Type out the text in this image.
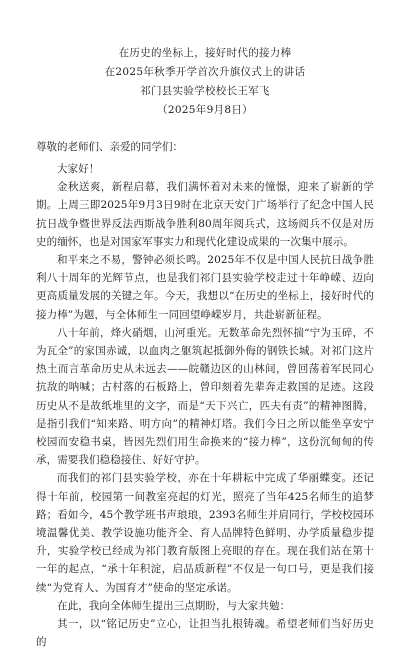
在历史的坐标上，接好时代的接力棒
在2025年秋季开学首次升旗仪式上的讲话
祁门县实验学校校长王军飞
（2025年9月8日）

尊敬的老师们、亲爱的同学们：

大家好！

金秋送爽，新程启幕，我们满怀着对未来的憧憬，迎来了崭新的学期。上周三即2025年9月3日9时在北京天安门广场举行了纪念中国人民抗日战争暨世界反法西斯战争胜利80周年阅兵式，这场阅兵不仅是对历史的缅怀，也是对国家军事实力和现代化建设成果的一次集中展示。

和平来之不易，警钟必须长鸣。2025年不仅是中国人民抗日战争胜利八十周年的光辉节点，也是我们祁门县实验学校走过十年峥嵘、迈向更高质量发展的关键之年。今天，我想以“在历史的坐标上，接好时代的接力棒”为题，与全体师生一同回望峥嵘岁月，共赴崭新征程。

八十年前，烽火硝烟，山河重光。无数革命先烈怀揣“宁为玉碎，不为瓦全”的家国赤诚，以血肉之躯筑起抵御外侮的钢铁长城。对祁门这片热土而言革命历史从未远去——皖赣边区的山林间，曾回荡着军民同心抗敌的呐喊；古村落的石板路上，曾印刻着先辈奔走救国的足迹。这段历史从不是故纸堆里的文字，而是“天下兴亡，匹夫有责”的精神图腾，是指引我们“知来路、明方向”的精神灯塔。我们今日之所以能坐享安宁校园而安稳书桌，皆因先烈们用生命换来的“接力棒”，这份沉甸甸的传承，需要我们稳稳接住、好好守护。

而我们的祁门县实验学校，亦在十年耕耘中完成了华丽蝶变。还记得十年前，校园第一间教室亮起的灯光，照亮了当年425名师生的追梦路；看如今，45个教学班书声琅琅，2393名师生并肩同行，学校校园环境温馨优美、教学设施功能齐全、育人品牌特色鲜明、办学质量稳步提升，实验学校已经成为祁门教育版图上亮眼的存在。现在我们站在第十一年的起点，“承十年积淀，启品质新程”不仅是一句口号，更是我们接续“为党育人、为国育才”使命的坚定承诺。

在此，我向全体师生提出三点期盼，与大家共勉：

其一，以“铭记历史”立心，让担当扎根铸魂。希望老师们当好历史的
